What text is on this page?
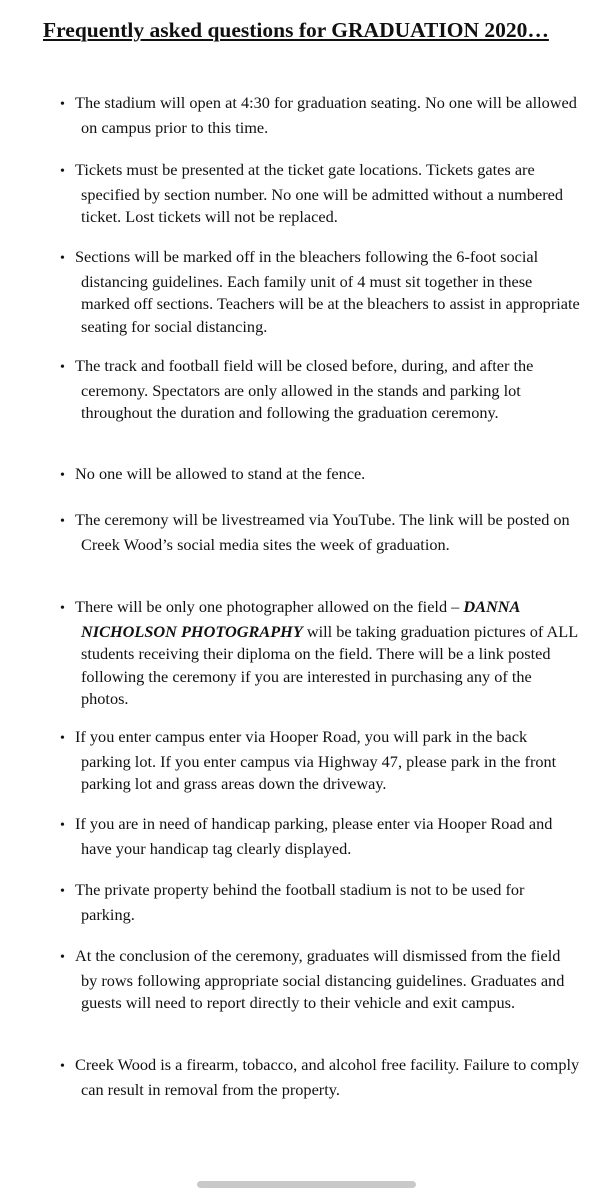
Frequently asked questions for GRADUATION 2020…

• The stadium will open at 4:30 for graduation seating. No one will be allowed on campus prior to this time.

• Tickets must be presented at the ticket gate locations. Tickets gates are specified by section number. No one will be admitted without a numbered ticket. Lost tickets will not be replaced.

• Sections will be marked off in the bleachers following the 6-foot social distancing guidelines. Each family unit of 4 must sit together in these marked off sections. Teachers will be at the bleachers to assist in appropriate seating for social distancing.

• The track and football field will be closed before, during, and after the ceremony. Spectators are only allowed in the stands and parking lot throughout the duration and following the graduation ceremony.

• No one will be allowed to stand at the fence.

• The ceremony will be livestreamed via YouTube. The link will be posted on Creek Wood’s social media sites the week of graduation.

• There will be only one photographer allowed on the field – DANNA NICHOLSON PHOTOGRAPHY will be taking graduation pictures of ALL students receiving their diploma on the field. There will be a link posted following the ceremony if you are interested in purchasing any of the photos.

• If you enter campus enter via Hooper Road, you will park in the back parking lot. If you enter campus via Highway 47, please park in the front parking lot and grass areas down the driveway.

• If you are in need of handicap parking, please enter via Hooper Road and have your handicap tag clearly displayed.

• The private property behind the football stadium is not to be used for parking.

• At the conclusion of the ceremony, graduates will dismissed from the field by rows following appropriate social distancing guidelines. Graduates and guests will need to report directly to their vehicle and exit campus.

• Creek Wood is a firearm, tobacco, and alcohol free facility. Failure to comply can result in removal from the property.
